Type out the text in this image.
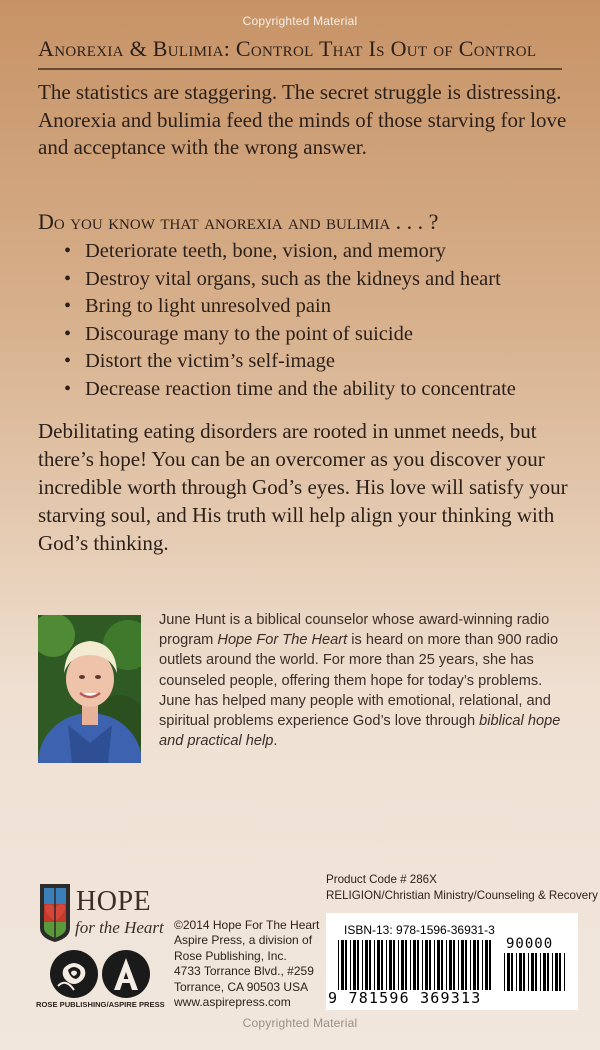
Copyrighted Material
Anorexia & Bulimia: Control That Is Out of Control
The statistics are staggering. The secret struggle is distressing. Anorexia and bulimia feed the minds of those starving for love and acceptance with the wrong answer.
Do you know that anorexia and bulimia . . . ?
• Deteriorate teeth, bone, vision, and memory
• Destroy vital organs, such as the kidneys and heart
• Bring to light unresolved pain
• Discourage many to the point of suicide
• Distort the victim’s self-image
• Decrease reaction time and the ability to concentrate
Debilitating eating disorders are rooted in unmet needs, but there’s hope! You can be an overcomer as you discover your incredible worth through God’s eyes. His love will satisfy your starving soul, and His truth will help align your thinking with God’s thinking.
June Hunt is a biblical counselor whose award-winning radio program Hope For The Heart is heard on more than 900 radio outlets around the world. For more than 25 years, she has counseled people, offering them hope for today’s problems. June has helped many people with emotional, relational, and spiritual problems experience God’s love through biblical hope and practical help.
HOPE
for the Heart
ROSE PUBLISHING/ASPIRE PRESS
©2014 Hope For The Heart
Aspire Press, a division of
Rose Publishing, Inc.
4733 Torrance Blvd., #259
Torrance, CA 90503 USA
www.aspirepress.com
Product Code # 286X
RELIGION/Christian Ministry/Counseling & Recovery
ISBN-13: 978-1596-36931-3
90000
9 781596 369313
Copyrighted Material
